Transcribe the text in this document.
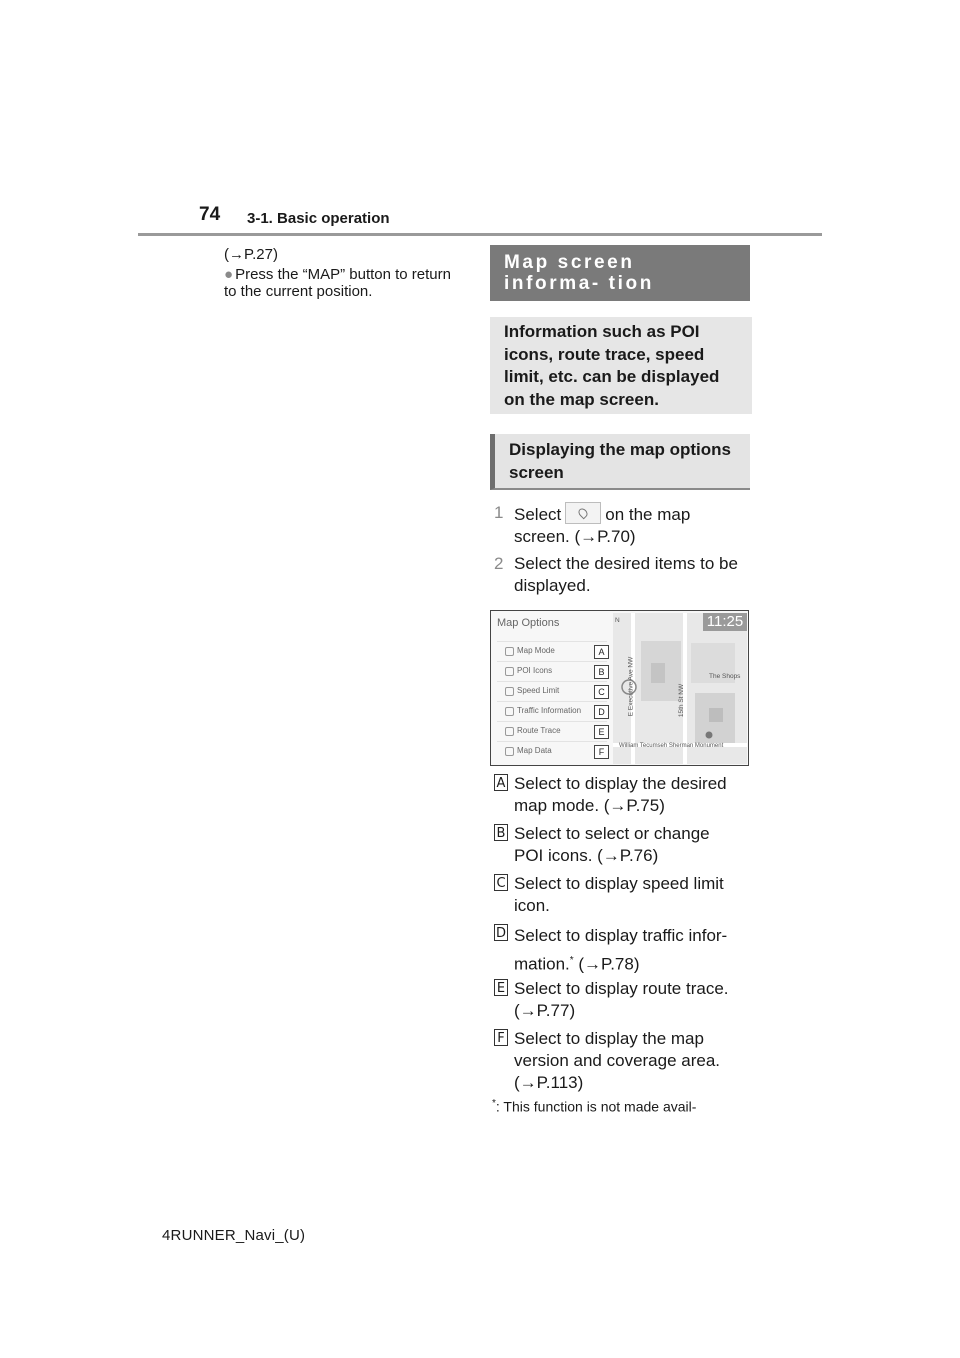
74 3-1. Basic operation
(→P.27)
● Press the “MAP” button to return to the current position.
Map screen informa- tion
Information such as POI icons, route trace, speed limit, etc. can be displayed on the map screen.
Displaying the map options screen
1 Select	on the map
screen. (→P.70)
2 Select the desired items to be displayed.
Map Options
Map Mode	A
POI Icons	B
Speed Limit	C
Traffic Information	D
Route Trace	E
Map Data	F
11:25
N
E Executive Ave NW	15th St NW
The Shops
William Tecumseh Sherman Monument
A Select to display the desired
map mode. (→P.75)
B Select to select or change
POI icons. (→P.76)
C Select to display speed limit
icon.
D Select to display traffic infor-
mation.* (→P.78)
E Select to display route trace.
(→P.77)
F Select to display the map
version and coverage area.
(→P.113)
*: This function is not made avail-
4RUNNER_Navi_(U)
